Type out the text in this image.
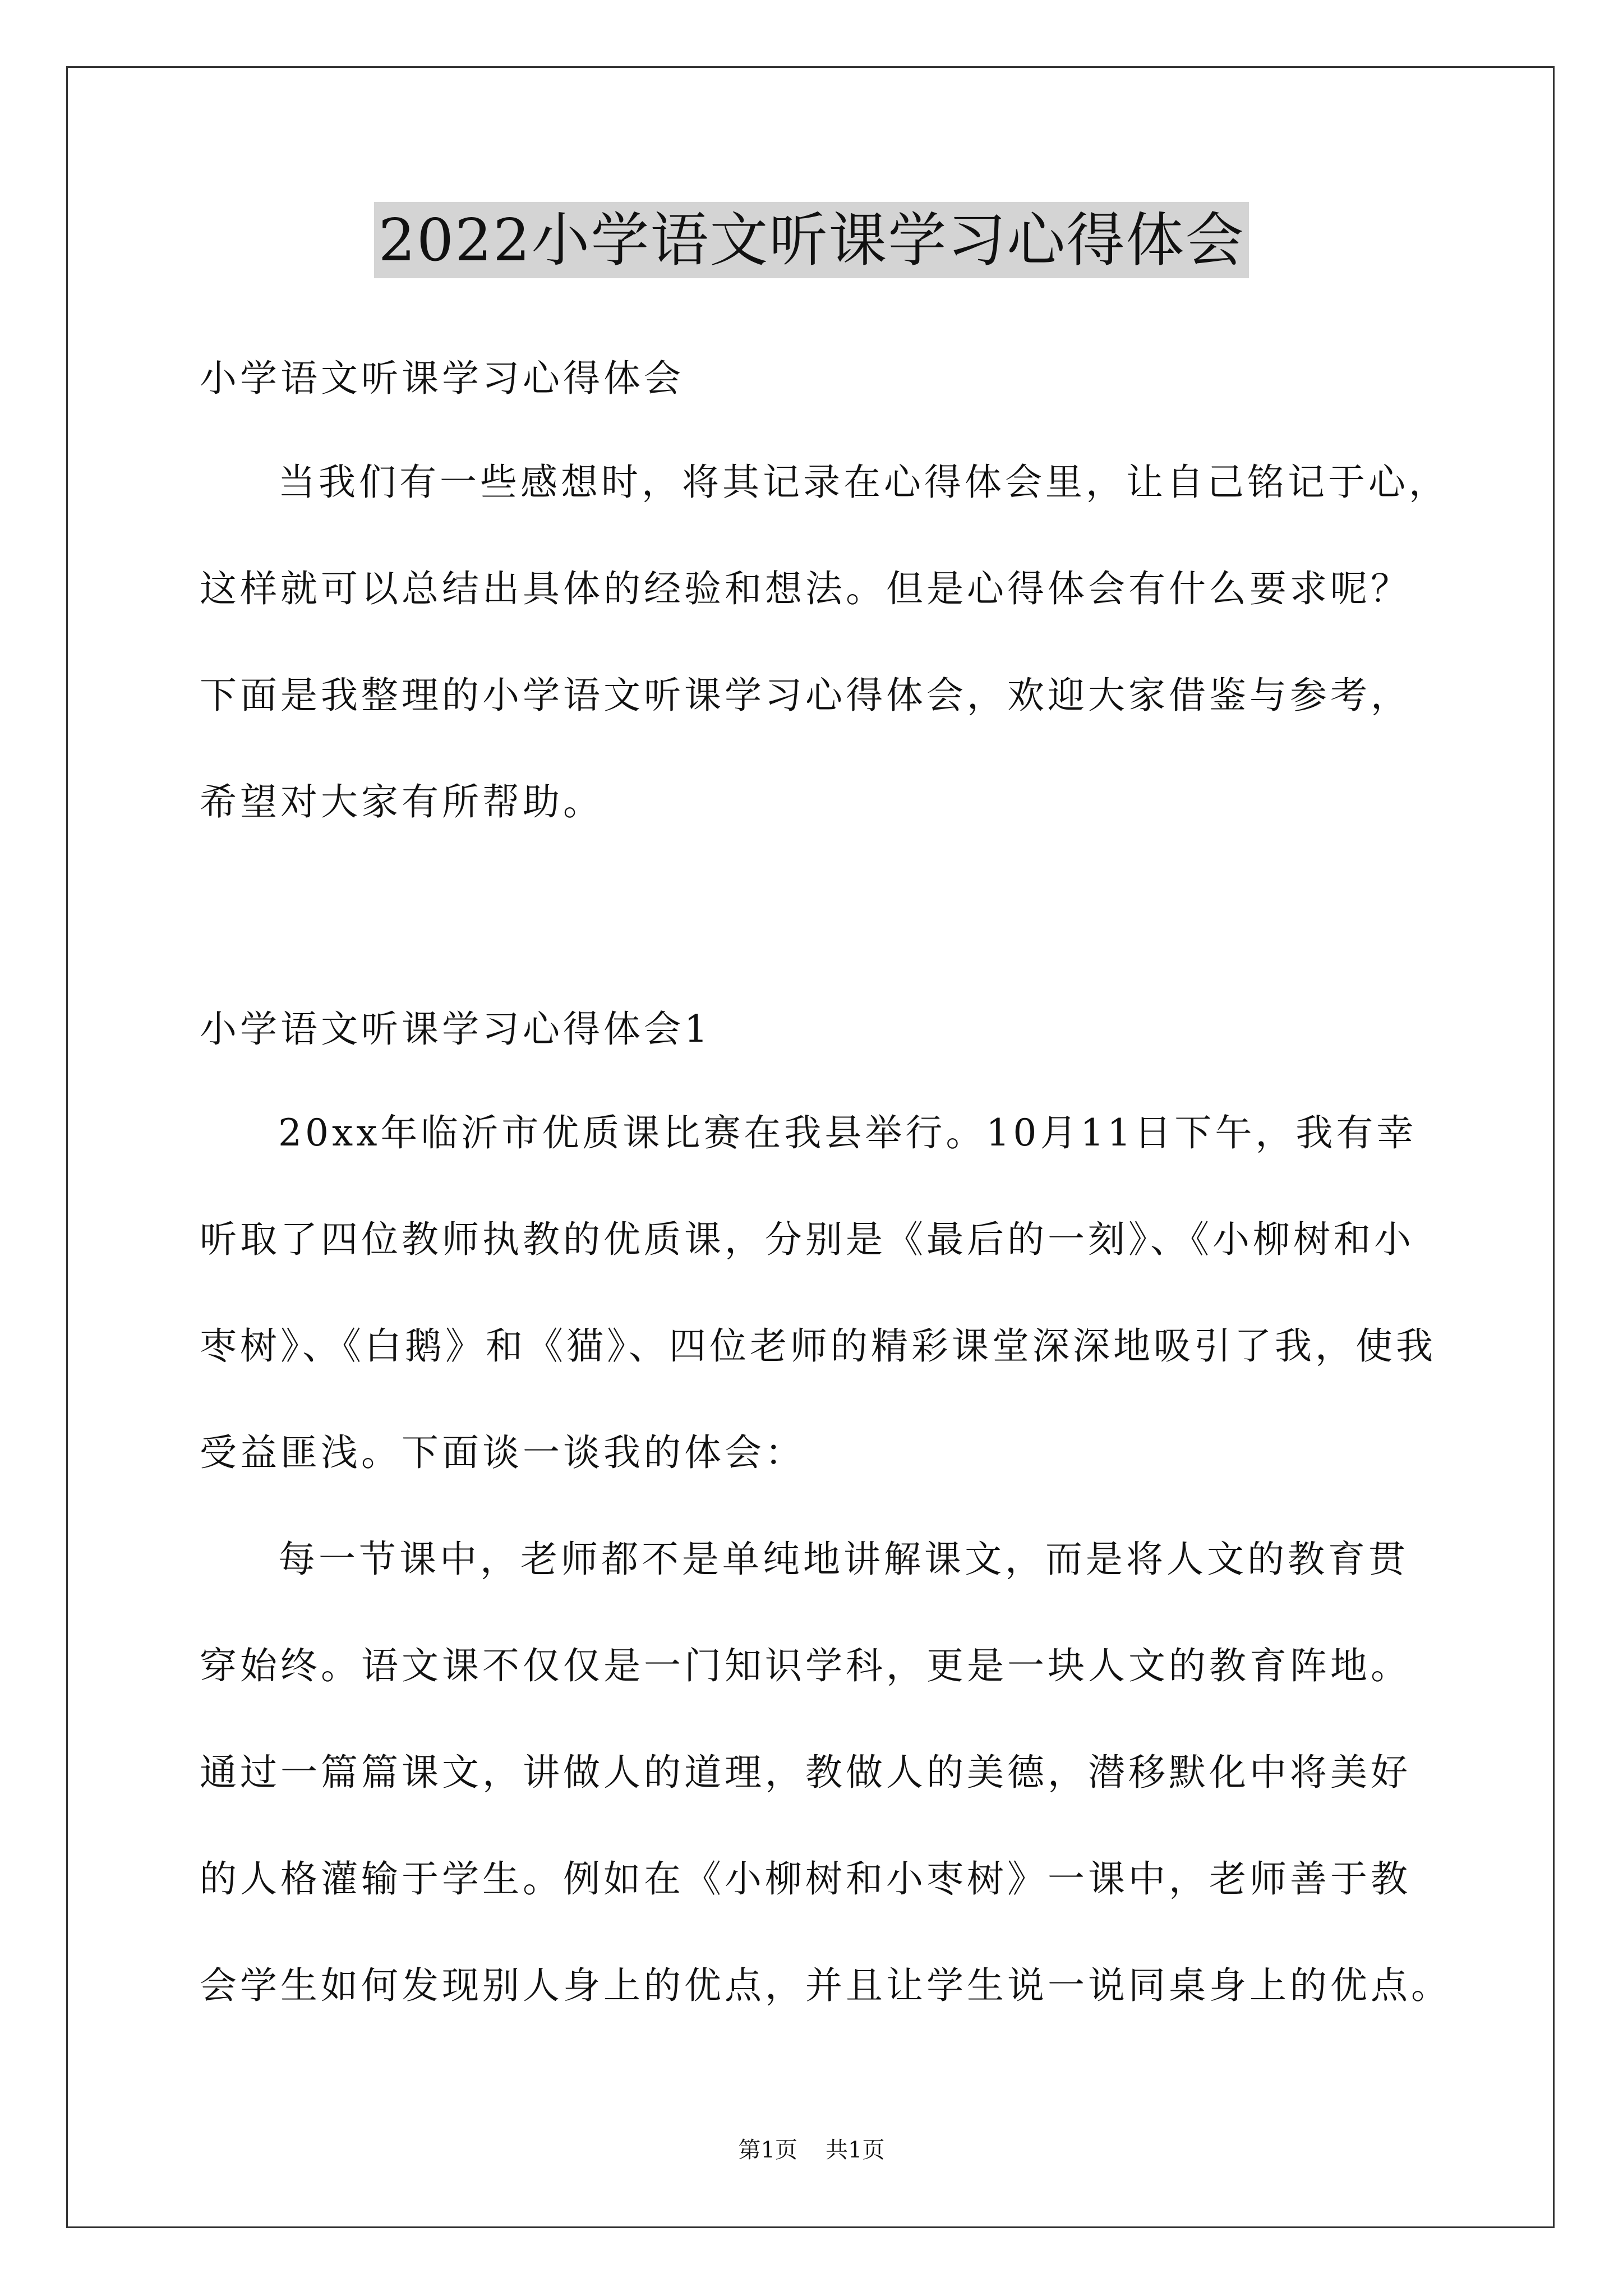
2022小学语文听课学习心得体会
小学语文听课学习心得体会
当我们有一些感想时，将其记录在心得体会里，让自己铭记于心，
这样就可以总结出具体的经验和想法。但是心得体会有什么要求呢？
下面是我整理的小学语文听课学习心得体会，欢迎大家借鉴与参考，
希望对大家有所帮助。
小学语文听课学习心得体会1
20xx年临沂市优质课比赛在我县举行。10月11日下午，我有幸
听取了四位教师执教的优质课，分别是《最后的一刻》、《小柳树和小
枣树》、《白鹅》和《猫》、四位老师的精彩课堂深深地吸引了我，使我
受益匪浅。下面谈一谈我的体会：
每一节课中，老师都不是单纯地讲解课文，而是将人文的教育贯
穿始终。语文课不仅仅是一门知识学科，更是一块人文的教育阵地。
通过一篇篇课文，讲做人的道理，教做人的美德，潜移默化中将美好
的人格灌输于学生。例如在《小柳树和小枣树》一课中，老师善于教
会学生如何发现别人身上的优点，并且让学生说一说同桌身上的优点。
第1页 共1页
